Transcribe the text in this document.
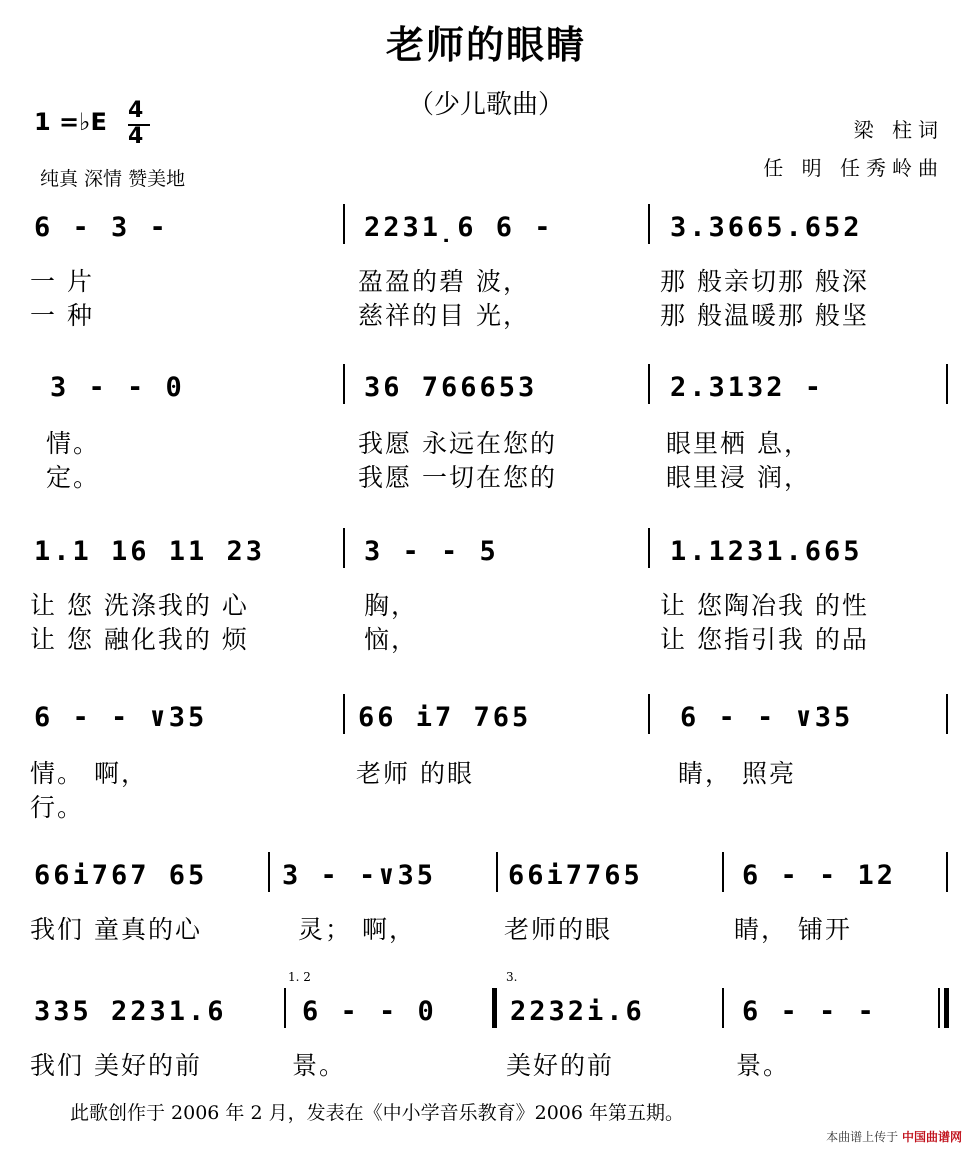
老师的眼睛
（少儿歌曲）
1 =♭E 4
4
纯真 深情 赞美地
梁 柱词
任 明 任秀岭曲
6 - 3 -	2231̣6 6 -	3.3665.652
一 片	盈盈的碧 波，	那 般亲切那 般深
一 种	慈祥的目 光，	那 般温暖那 般坚
3 - - 0	36 766653	2.3132 -
情。	我愿 永远在您的	眼里栖 息，
定。	我愿 一切在您的	眼里浸 润，
1.1 16 11 23	3 - - 5	1.1231.665
让 您 洗涤我的 心	胸，	让 您陶冶我 的性
让 您 融化我的 烦	恼，	让 您指引我 的品
6 - - ∨35	66 i7 765	6 - - ∨35
情。 啊，	老师 的眼	睛， 照亮
行。
66i767 65	3 - -∨35	66i7765	6 - - 12
我们 童真的心	灵； 啊，	老师的眼	睛， 铺开
1. 2	3.
335 2231.6	6 - - 0	2232i.6	6 - - -
我们 美好的前	景。	美好的前	景。
此歌创作于 2006 年 2 月，发表在《中小学音乐教育》2006 年第五期。
本曲谱上传于 中国曲谱网
